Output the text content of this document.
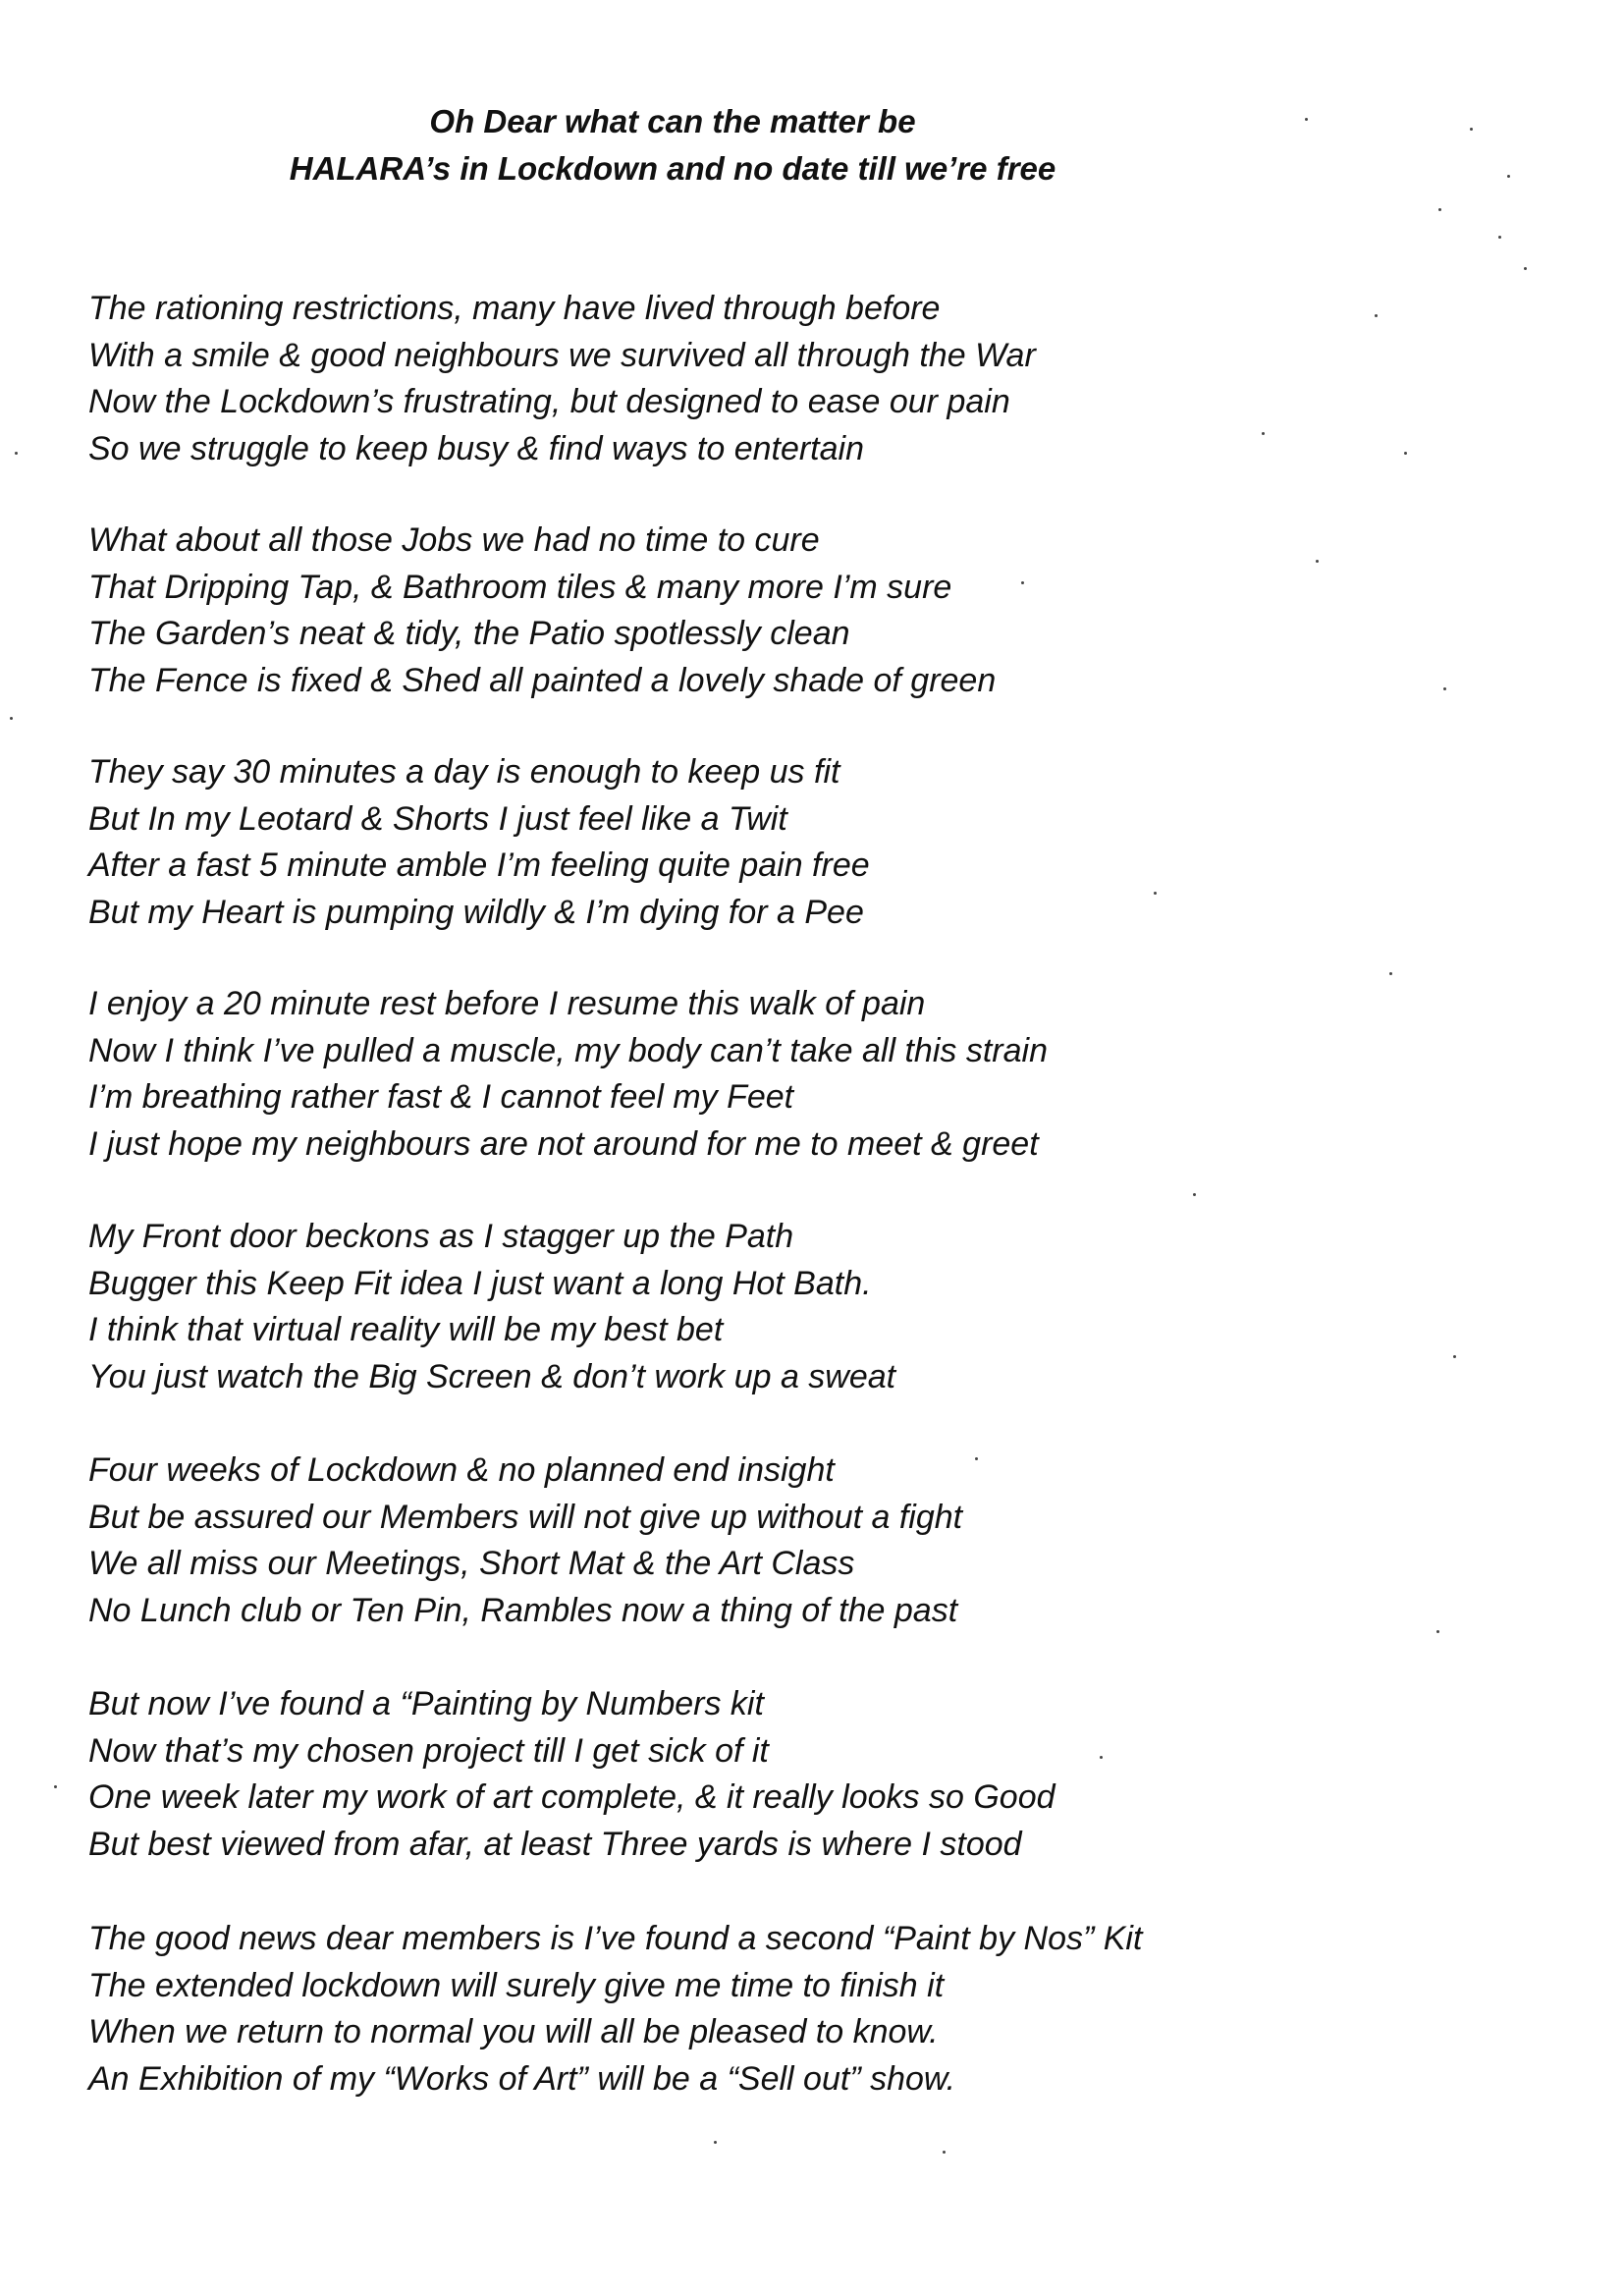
Oh Dear what can the matter be
HALARA’s in Lockdown and no date till we’re free
The rationing restrictions, many have lived through before
With a smile & good neighbours we survived all through the War
Now the Lockdown’s frustrating, but designed to ease our pain
So we struggle to keep busy & find ways to entertain
What about all those Jobs we had no time to cure
That Dripping Tap, & Bathroom tiles & many more I’m sure
The Garden’s neat & tidy, the Patio spotlessly clean
The Fence is fixed & Shed all painted a lovely shade of green
They say 30 minutes a day is enough to keep us fit
But In my Leotard & Shorts I just feel like a Twit
After a fast 5 minute amble I’m feeling quite pain free
But my Heart is pumping wildly & I’m dying for a Pee
I enjoy a 20 minute rest before I resume this walk of pain
Now I think I’ve pulled a muscle, my body can’t take all this strain
I’m breathing rather fast & I cannot feel my Feet
I just hope my neighbours are not around for me to meet & greet
My Front door beckons as I stagger up the Path
Bugger this Keep Fit idea I just want a long Hot Bath.
I think that virtual reality will be my best bet
You just watch the Big Screen & don’t work up a sweat
Four weeks of Lockdown & no planned end insight
But be assured our Members will not give up without a fight
We all miss our Meetings, Short Mat & the Art Class
No Lunch club or Ten Pin, Rambles now a thing of the past
But now I’ve found a “Painting by Numbers kit
Now that’s my chosen project till I get sick of it
One week later my work of art complete, & it really looks so Good
But best viewed from afar, at least Three yards is where I stood
The good news dear members is I’ve found a second “Paint by Nos” Kit
The extended lockdown will surely give me time to finish it
When we return to normal you will all be pleased to know.
An Exhibition of my “Works of Art” will be a “Sell out” show.
